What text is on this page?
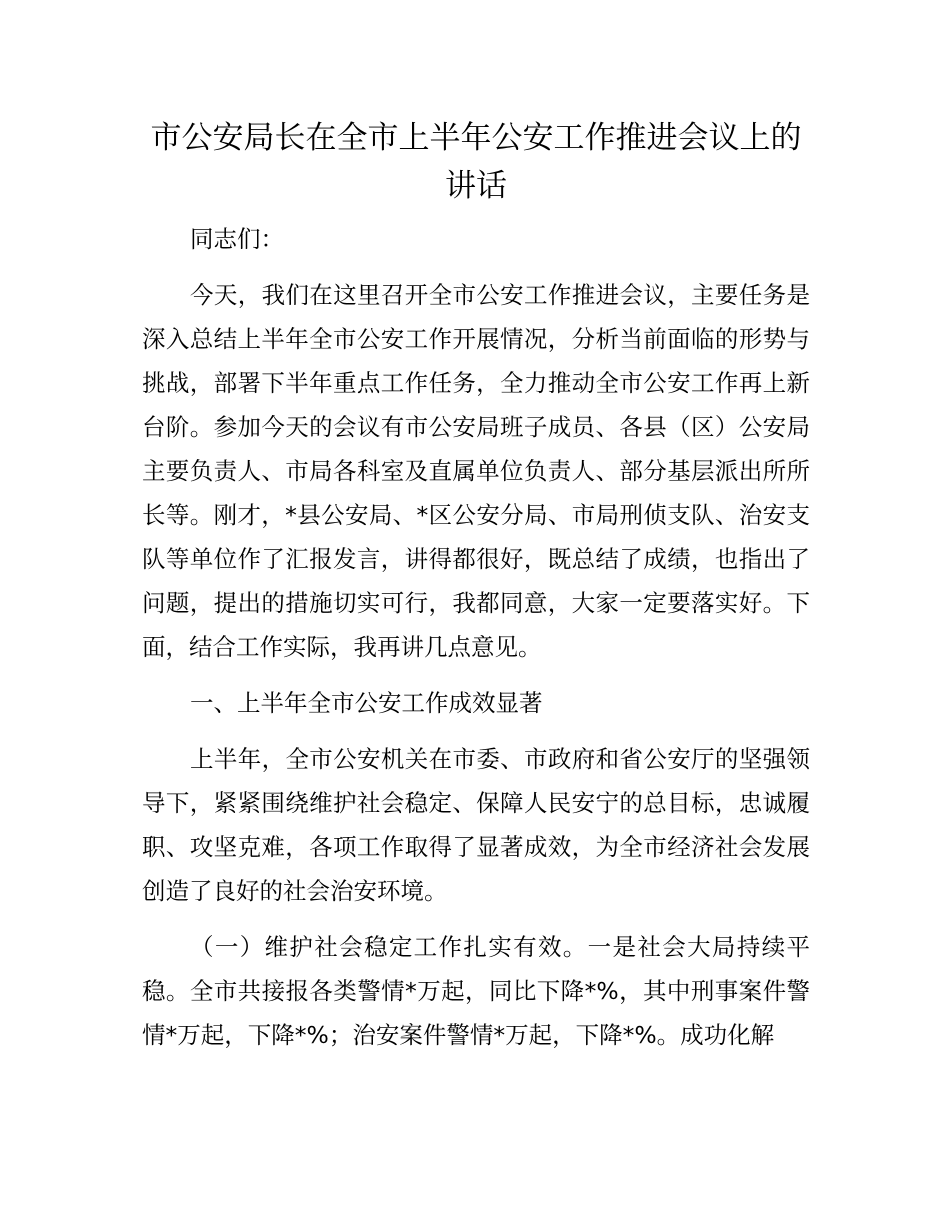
市公安局长在全市上半年公安工作推进会议上的讲话

同志们：

今天，我们在这里召开全市公安工作推进会议，主要任务是深入总结上半年全市公安工作开展情况，分析当前面临的形势与挑战，部署下半年重点工作任务，全力推动全市公安工作再上新台阶。参加今天的会议有市公安局班子成员、各县（区）公安局主要负责人、市局各科室及直属单位负责人、部分基层派出所所长等。刚才，*县公安局、*区公安分局、市局刑侦支队、治安支队等单位作了汇报发言，讲得都很好，既总结了成绩，也指出了问题，提出的措施切实可行，我都同意，大家一定要落实好。下面，结合工作实际，我再讲几点意见。

一、上半年全市公安工作成效显著

上半年，全市公安机关在市委、市政府和省公安厅的坚强领导下，紧紧围绕维护社会稳定、保障人民安宁的总目标，忠诚履职、攻坚克难，各项工作取得了显著成效，为全市经济社会发展创造了良好的社会治安环境。

（一）维护社会稳定工作扎实有效。一是社会大局持续平稳。全市共接报各类警情*万起，同比下降*%，其中刑事案件警情*万起，下降*%；治安案件警情*万起，下降*%。成功化解
